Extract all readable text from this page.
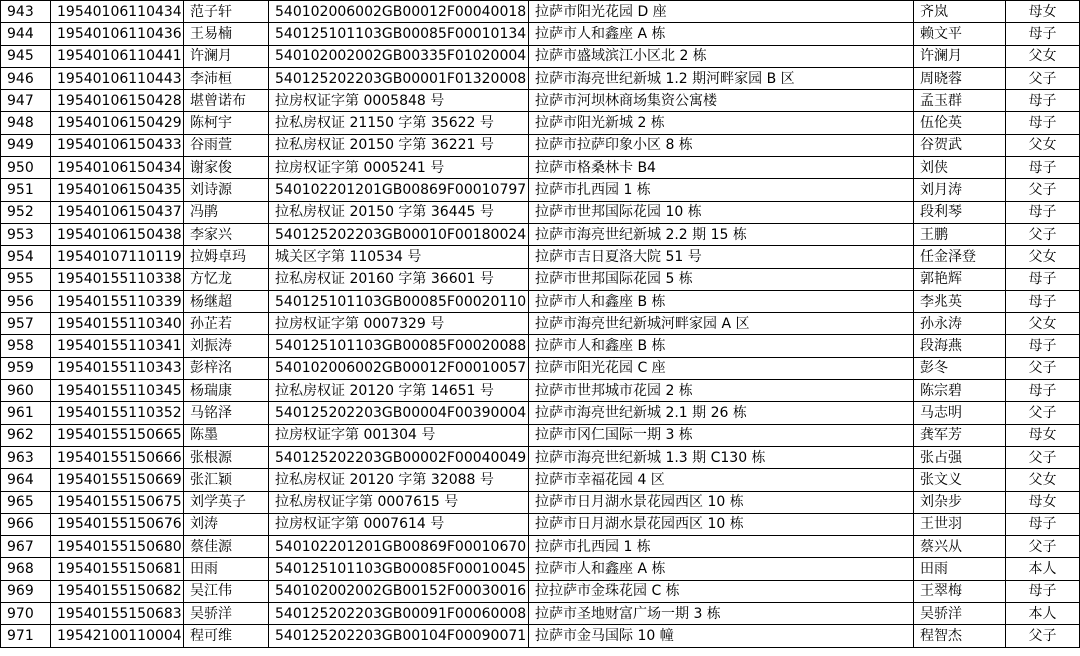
943	19540106110434	范子轩	540102006002GB00012F00040018	拉萨市阳光花园 D 座	齐岚	母女
944	19540106110436	王易楠	540125101103GB00085F00010134	拉萨市人和鑫座 A 栋	赖文平	母子
945	19540106110441	许澜月	540102002002GB00335F01020004	拉萨市盛域滨江小区北 2 栋	许澜月	父女
946	19540106110443	李沛桓	540125202203GB00001F01320008	拉萨市海亮世纪新城 1.2 期河畔家园 B 区	周晓蓉	父子
947	19540106150428	堪曾诺布	拉房权证字第 0005848 号	拉萨市河坝林商场集资公寓楼	孟玉群	母子
948	19540106150429	陈柯宇	拉私房权证 21150 字第 35622 号	拉萨市阳光新城 2 栋	伍伦英	母子
949	19540106150433	谷雨萱	拉私房权证 20150 字第 36221 号	拉萨市拉萨印象小区 8 栋	谷贺武	父女
950	19540106150434	谢家俊	拉房权证字第 0005241 号	拉萨市格桑林卡 B4	刘侠	母子
951	19540106150435	刘诗源	540102201201GB00869F00010797	拉萨市扎西园 1 栋	刘月涛	父子
952	19540106150437	冯鹃	拉私房权证 20150 字第 36445 号	拉萨市世邦国际花园 10 栋	段利琴	母子
953	19540106150438	李家兴	540125202203GB00010F00180024	拉萨市海亮世纪新城 2.2 期 15 栋	王鹏	父子
954	19540107110119	拉姆卓玛	城关区字第 110534 号	拉萨市吉日夏洛大院 51 号	任金泽登	父女
955	19540155110338	方忆龙	拉私房权证 20160 字第 36601 号	拉萨市世邦国际花园 5 栋	郭艳辉	母子
956	19540155110339	杨继超	540125101103GB00085F00020110	拉萨市人和鑫座 B 栋	李兆英	母子
957	19540155110340	孙芷若	拉房权证字第 0007329 号	拉萨市海亮世纪新城河畔家园 A 区	孙永涛	父女
958	19540155110341	刘振涛	540125101103GB00085F00020088	拉萨市人和鑫座 B 栋	段海燕	母子
959	19540155110343	彭梓洺	540102006002GB00012F00010057	拉萨市阳光花园 C 座	彭冬	父子
960	19540155110345	杨瑞康	拉私房权证 20120 字第 14651 号	拉萨市世邦城市花园 2 栋	陈宗碧	母子
961	19540155110352	马铭泽	540125202203GB00004F00390004	拉萨市海亮世纪新城 2.1 期 26 栋	马志明	父子
962	19540155150665	陈墨	拉房权证字第 001304 号	拉萨市冈仁国际一期 3 栋	龚军芳	母女
963	19540155150666	张根源	540125202203GB00002F00040049	拉萨市海亮世纪新城 1.3 期 C130 栋	张占强	父子
964	19540155150669	张汇颖	拉私房权证 20120 字第 32088 号	拉萨市幸福花园 4 区	张文义	父女
965	19540155150675	刘学英子	拉私房权证字第 0007615 号	拉萨市日月湖水景花园西区 10 栋	刘杂步	母女
966	19540155150676	刘涛	拉房权证字第 0007614 号	拉萨市日月湖水景花园西区 10 栋	王世羽	母子
967	19540155150680	蔡佳源	540102201201GB00869F00010670	拉萨市扎西园 1 栋	蔡兴从	父子
968	19540155150681	田雨	540125101103GB00085F00010045	拉萨市人和鑫座 A 栋	田雨	本人
969	19540155150682	吴江伟	540102002002GB00152F00030016	拉拉萨市金珠花园 C 栋	王翠梅	母子
970	19540155150683	吴骄洋	540125202203GB00091F00060008	拉萨市圣地财富广场一期 3 栋	吴骄洋	本人
971	19542100110004	程可维	540125202203GB00104F00090071	拉萨市金马国际 10 幢	程智杰	父子
